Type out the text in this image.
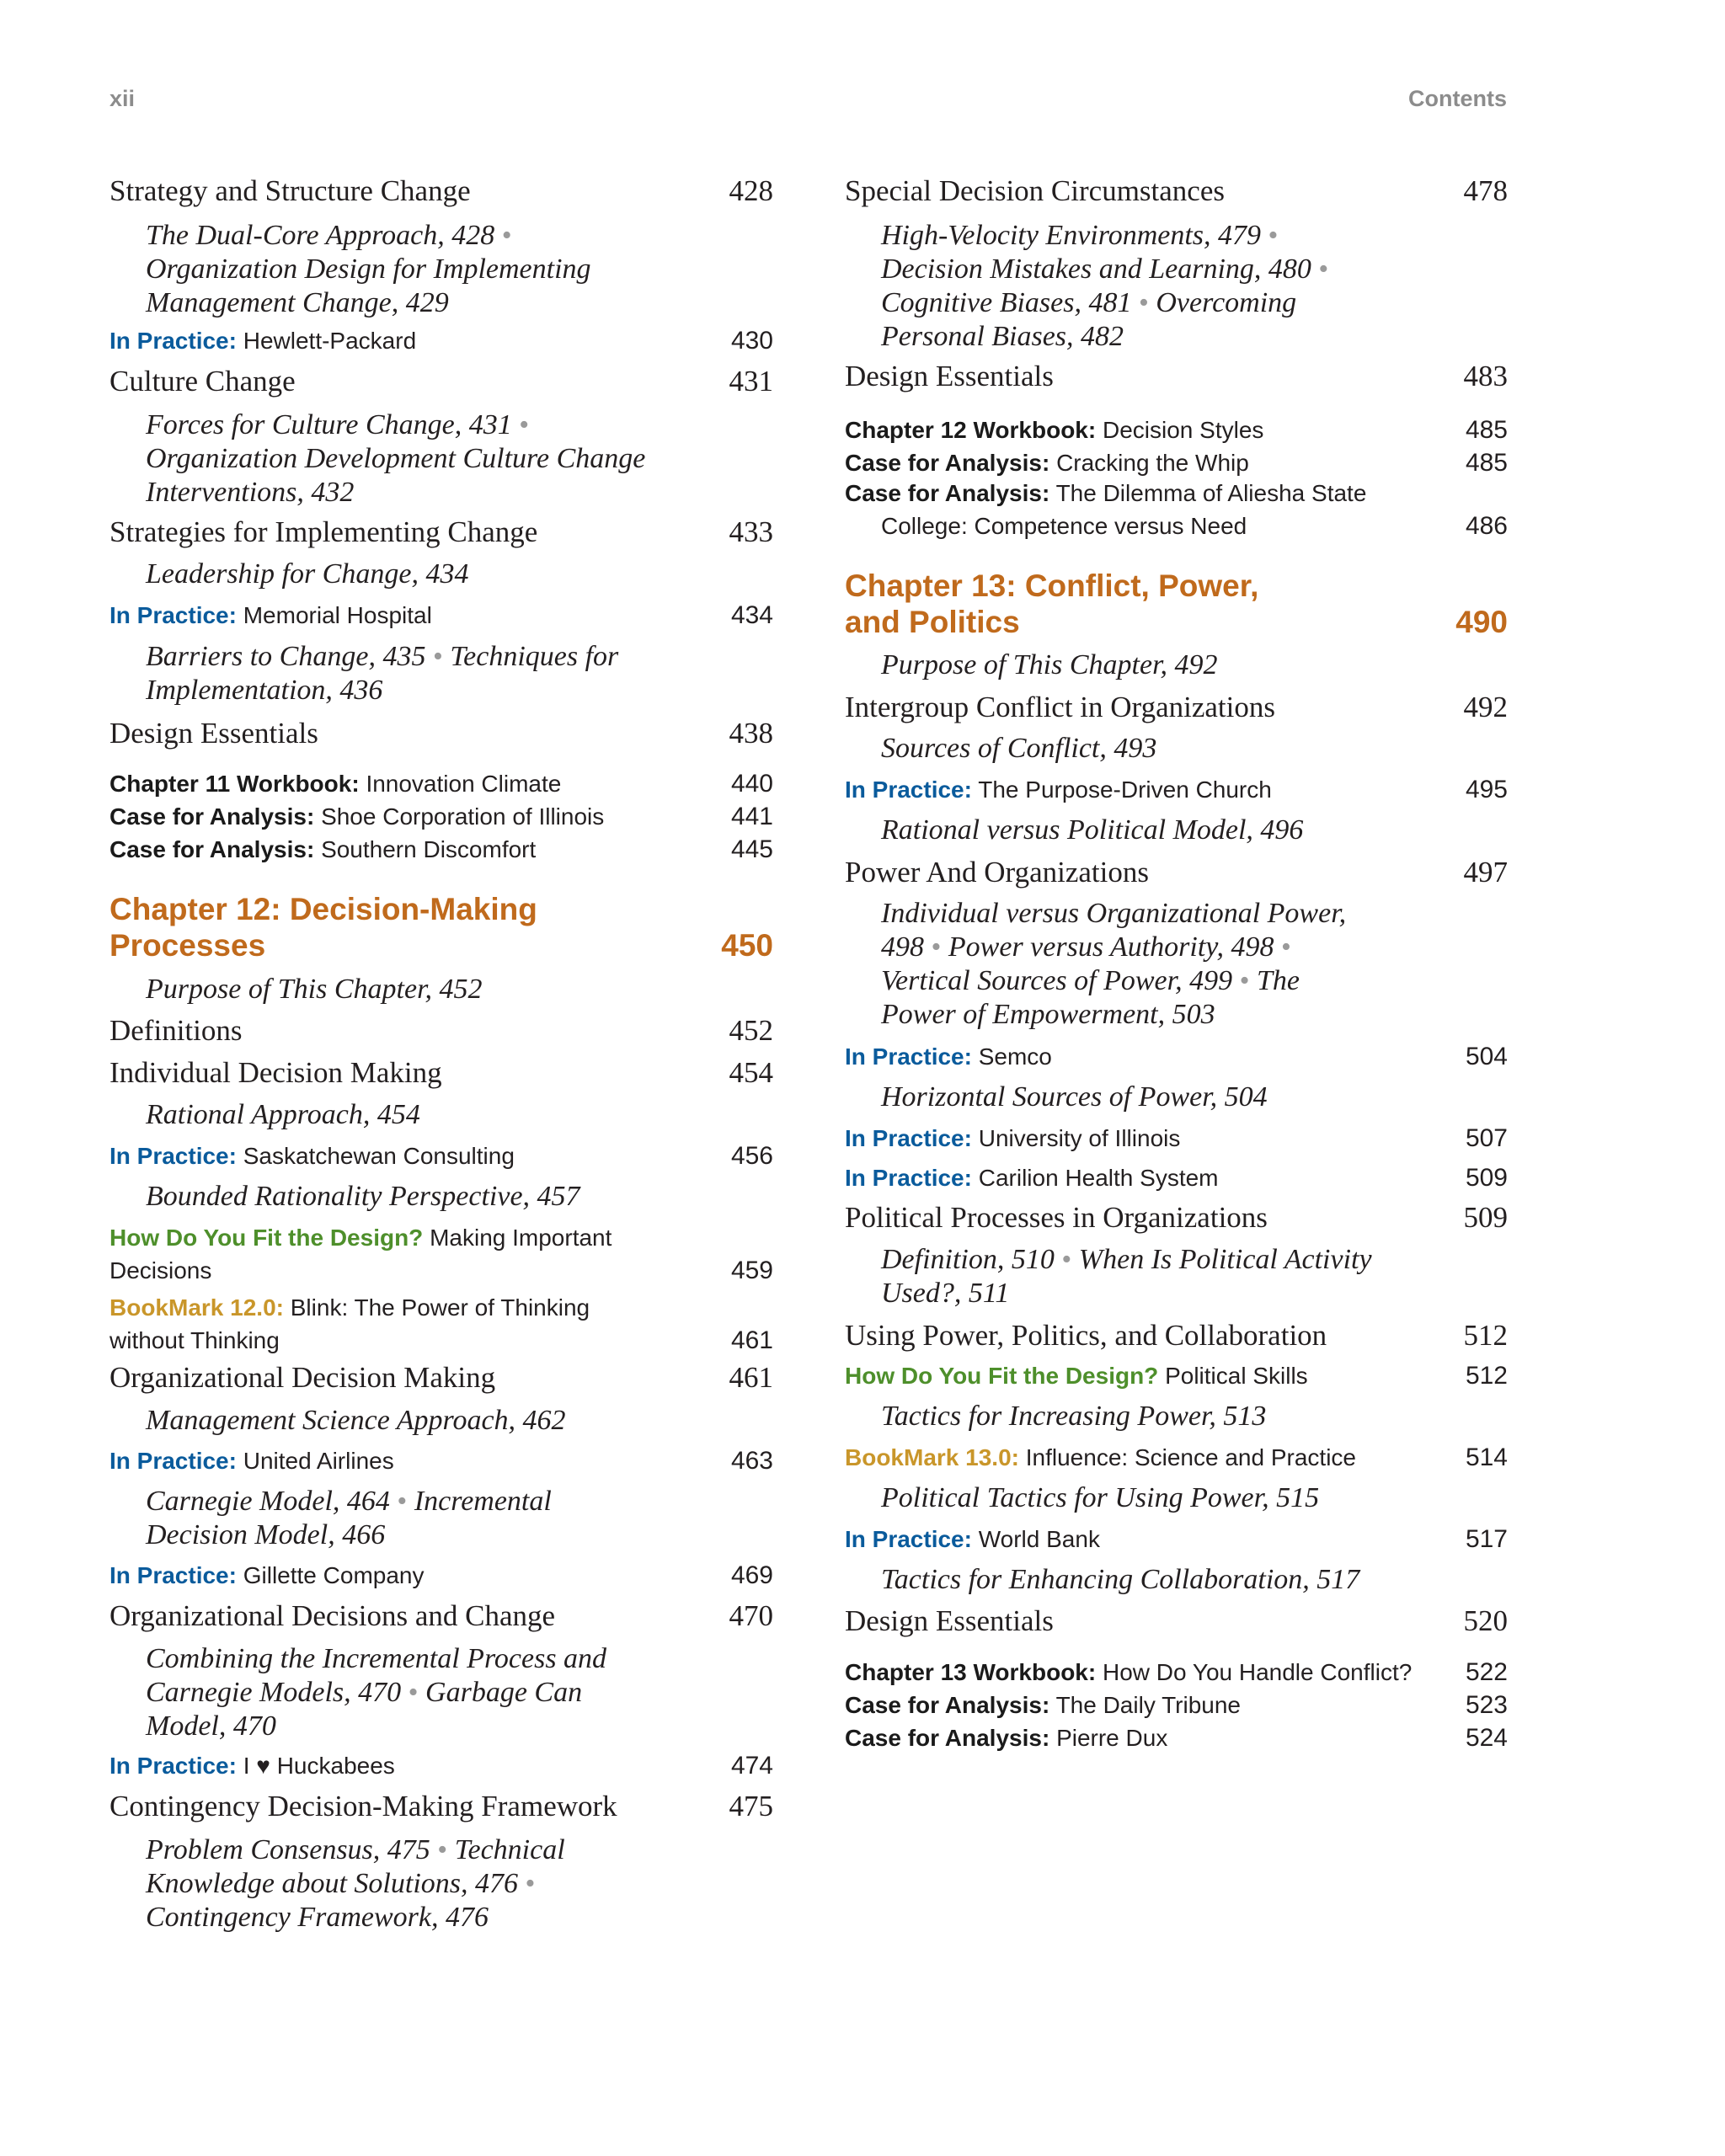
xii	Contents
Strategy and Structure Change	428
The Dual-Core Approach, 428 •
Organization Design for Implementing
Management Change, 429
In Practice: Hewlett-Packard	430
Culture Change	431
Forces for Culture Change, 431 •
Organization Development Culture Change
Interventions, 432
Strategies for Implementing Change	433
Leadership for Change, 434
In Practice: Memorial Hospital	434
Barriers to Change, 435 • Techniques for
Implementation, 436
Design Essentials	438
Chapter 11 Workbook: Innovation Climate	440
Case for Analysis: Shoe Corporation of Illinois	441
Case for Analysis: Southern Discomfort	445
Chapter 12: Decision-Making
Processes	450
Purpose of This Chapter, 452
Definitions	452
Individual Decision Making	454
Rational Approach, 454
In Practice: Saskatchewan Consulting	456
Bounded Rationality Perspective, 457
How Do You Fit the Design? Making Important
Decisions	459
BookMark 12.0: Blink: The Power of Thinking
without Thinking	461
Organizational Decision Making	461
Management Science Approach, 462
In Practice: United Airlines	463
Carnegie Model, 464 • Incremental
Decision Model, 466
In Practice: Gillette Company	469
Organizational Decisions and Change	470
Combining the Incremental Process and
Carnegie Models, 470 • Garbage Can
Model, 470
In Practice: I ♥ Huckabees	474
Contingency Decision-Making Framework	475
Problem Consensus, 475 • Technical
Knowledge about Solutions, 476 •
Contingency Framework, 476
Special Decision Circumstances	478
High-Velocity Environments, 479 •
Decision Mistakes and Learning, 480 •
Cognitive Biases, 481 • Overcoming
Personal Biases, 482
Design Essentials	483
Chapter 12 Workbook: Decision Styles	485
Case for Analysis: Cracking the Whip	485
Case for Analysis: The Dilemma of Aliesha State
College: Competence versus Need	486
Chapter 13: Conflict, Power,
and Politics	490
Purpose of This Chapter, 492
Intergroup Conflict in Organizations	492
Sources of Conflict, 493
In Practice: The Purpose-Driven Church	495
Rational versus Political Model, 496
Power And Organizations	497
Individual versus Organizational Power,
498 • Power versus Authority, 498 •
Vertical Sources of Power, 499 • The
Power of Empowerment, 503
In Practice: Semco	504
Horizontal Sources of Power, 504
In Practice: University of Illinois	507
In Practice: Carilion Health System	509
Political Processes in Organizations	509
Definition, 510 • When Is Political Activity
Used?, 511
Using Power, Politics, and Collaboration	512
How Do You Fit the Design? Political Skills	512
Tactics for Increasing Power, 513
BookMark 13.0: Influence: Science and Practice	514
Political Tactics for Using Power, 515
In Practice: World Bank	517
Tactics for Enhancing Collaboration, 517
Design Essentials	520
Chapter 13 Workbook: How Do You Handle Conflict? 522
Case for Analysis: The Daily Tribune	523
Case for Analysis: Pierre Dux	524
